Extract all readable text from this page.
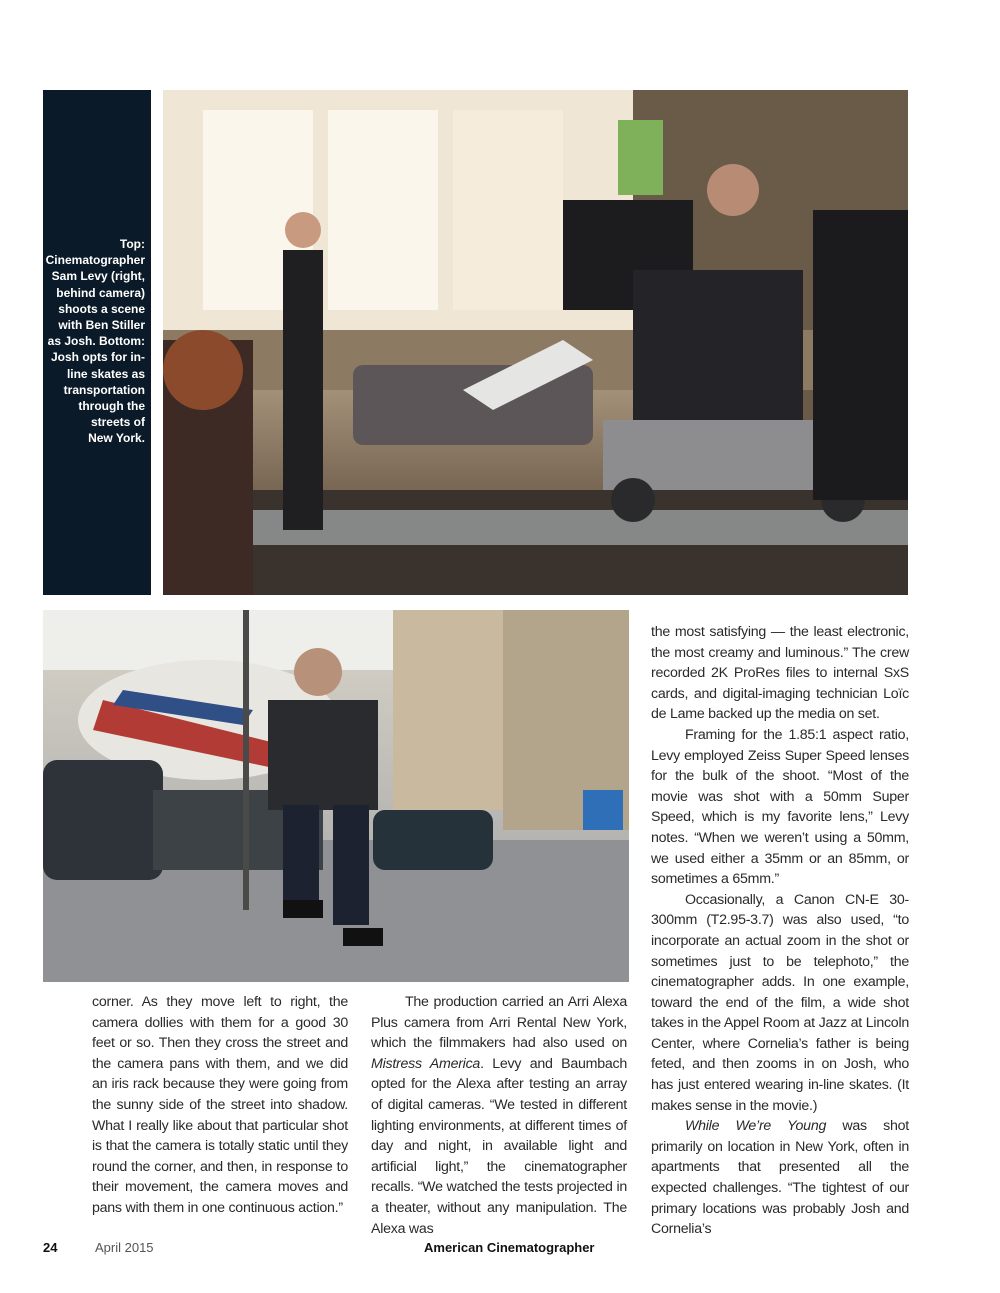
Top:
Cinematographer
Sam Levy (right,
behind camera)
shoots a scene
with Ben Stiller
as Josh. Bottom:
Josh opts for in-
line skates as
transportation
through the
streets of
New York.

corner. As they move left to right, the camera dollies with them for a good 30 feet or so. Then they cross the street and the camera pans with them, and we did an iris rack because they were going from the sunny side of the street into shadow. What I really like about that particular shot is that the camera is totally static until they round the corner, and then, in response to their movement, the camera moves and pans with them in one continuous action.”

The production carried an Arri Alexa Plus camera from Arri Rental New York, which the filmmakers had also used on Mistress America. Levy and Baumbach opted for the Alexa after testing an array of digital cameras. “We tested in different lighting environments, at different times of day and night, in available light and artificial light,” the cinematographer recalls. “We watched the tests projected in a theater, without any manipulation. The Alexa was

the most satisfying — the least electronic, the most creamy and luminous.” The crew recorded 2K ProRes files to internal SxS cards, and digital-imaging technician Loïc de Lame backed up the media on set.

Framing for the 1.85:1 aspect ratio, Levy employed Zeiss Super Speed lenses for the bulk of the shoot. “Most of the movie was shot with a 50mm Super Speed, which is my favorite lens,” Levy notes. “When we weren’t using a 50mm, we used either a 35mm or an 85mm, or sometimes a 65mm.”

Occasionally, a Canon CN-E 30-300mm (T2.95-3.7) was also used, “to incorporate an actual zoom in the shot or sometimes just to be telephoto,” the cinematographer adds. In one example, toward the end of the film, a wide shot takes in the Appel Room at Jazz at Lincoln Center, where Cornelia’s father is being feted, and then zooms in on Josh, who has just entered wearing in-line skates. (It makes sense in the movie.)

While We’re Young was shot primarily on location in New York, often in apartments that presented all the expected challenges. “The tightest of our primary locations was probably Josh and Cornelia’s

24	April 2015	American Cinematographer
